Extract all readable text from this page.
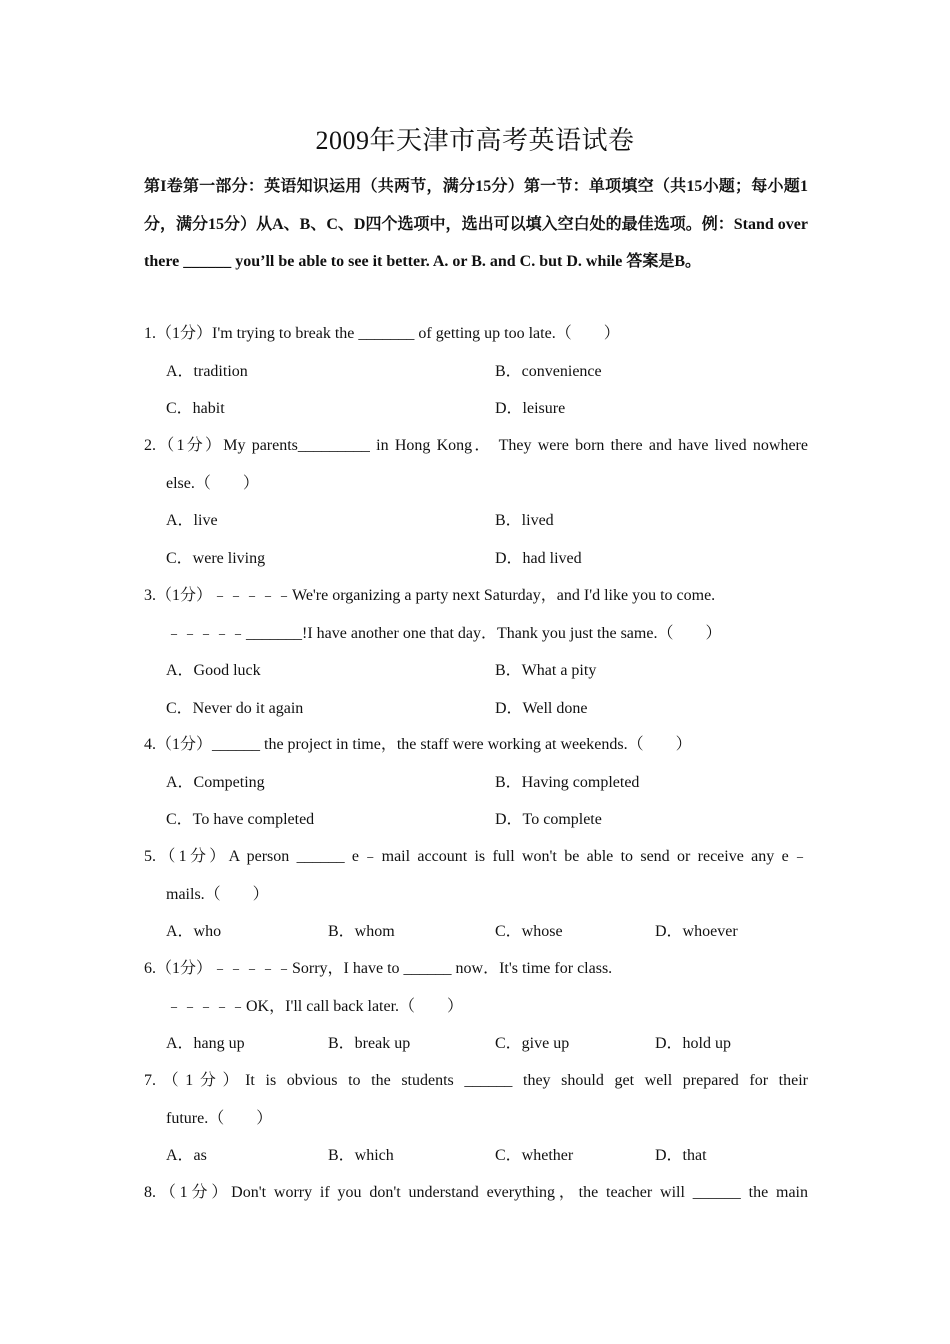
2009年天津市高考英语试卷
第I卷第一部分：英语知识运用（共两节，满分15分）第一节：单项填空（共15小题；每小题1分，满分15分）从A、B、C、D四个选项中，选出可以填入空白处的最佳选项。例：Stand over there ______ you’ll be able to see it better. A. or B. and C. but D. while 答案是B。
1.（1分）I'm trying to break the _______ of getting up too late.（　　）
A．tradition	B．convenience
C．habit	D．leisure
2.（1分）My parents_________ in Hong Kong． They were born there and have lived nowhere
else.（　　）
A．live	B．lived
C．were living	D．had lived
3.（1分）﹣﹣﹣﹣﹣We're organizing a party next Saturday，and I'd like you to come.
﹣﹣﹣﹣﹣_______!I have another one that day．Thank you just the same.（　　）
A．Good luck	B．What a pity
C．Never do it again	D．Well done
4.（1分）______ the project in time，the staff were working at weekends.（　　）
A．Competing	B．Having completed
C．To have completed	D．To complete
5.（1分）A person ______ e﹣mail account is full won't be able to send or receive any e﹣
mails.（　　）
A．who	B．whom	C．whose	D．whoever
6.（1分）﹣﹣﹣﹣﹣Sorry，I have to ______ now．It's time for class.
﹣﹣﹣﹣﹣OK，I'll call back later.（　　）
A．hang up	B．break up	C．give up	D．hold up
7.（1分）It is obvious to the students ______ they should get well prepared for their
future.（　　）
A．as	B．which	C．whether	D．that
8.（1分）Don't worry if you don't understand everything，the teacher will ______ the main
